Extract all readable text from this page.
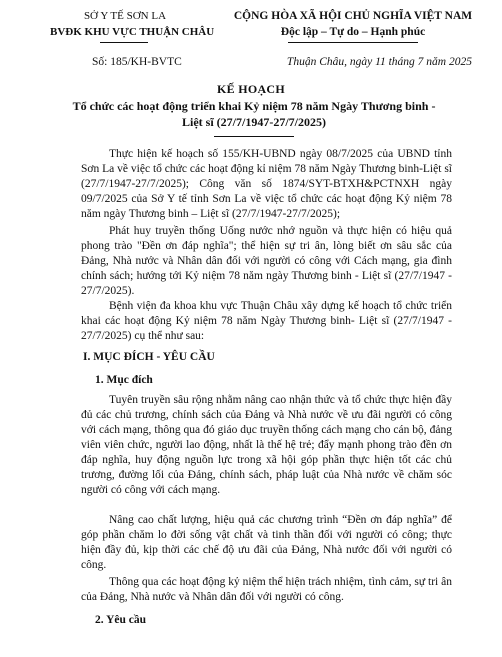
SỞ Y TẾ SƠN LA

BVĐK KHU VỰC THUẬN CHÂU

CỘNG HÒA XÃ HỘI CHỦ NGHĨA VIỆT NAM

Độc lập – Tự do – Hạnh phúc

Số: 185/KH-BVTC	Thuận Châu, ngày 11 tháng 7 năm 2025

KẾ HOẠCH

Tổ chức các hoạt động triển khai Kỷ niệm 78 năm Ngày Thương binh - Liệt sĩ (27/7/1947-27/7/2025)

Thực hiện kế hoạch số 155/KH-UBND ngày 08/7/2025 của UBND tỉnh Sơn La về việc tổ chức các hoạt động kỉ niệm 78 năm Ngày Thương binh-Liệt sĩ (27/7/1947-27/7/2025); Công văn số 1874/SYT-BTXH&PCTNXH ngày 09/7/2025 của Sở Y tế tỉnh Sơn La về việc tổ chức các hoạt động Kỷ niệm 78 năm ngày Thương binh – Liệt sĩ (27/7/1947-27/7/2025);

Phát huy truyền thống Uống nước nhớ nguồn và thực hiện có hiệu quả phong trào "Đền ơn đáp nghĩa"; thể hiện sự tri ân, lòng biết ơn sâu sắc của Đảng, Nhà nước và Nhân dân đối với người có công với Cách mạng, gia đình chính sách; hướng tới Kỷ niệm 78 năm ngày Thương binh - Liệt sĩ (27/7/1947 - 27/7/2025).

Bệnh viện đa khoa khu vực Thuận Châu xây dựng kế hoạch tổ chức triển khai các hoạt động Kỷ niệm 78 năm Ngày Thương binh- Liệt sĩ (27/7/1947 - 27/7/2025) cụ thể như sau:

I. MỤC ĐÍCH - YÊU CẦU

1. Mục đích

Tuyên truyền sâu rộng nhằm nâng cao nhận thức và tổ chức thực hiện đầy đủ các chủ trương, chính sách của Đảng và Nhà nước về ưu đãi người có công với cách mạng, thông qua đó giáo dục truyền thống cách mạng cho cán bộ, đảng viên viên chức, người lao động, nhất là thế hệ trẻ; đẩy mạnh phong trào đền ơn đáp nghĩa, huy động nguồn lực trong xã hội góp phần thực hiện tốt các chủ trương, đường lối của Đảng, chính sách, pháp luật của Nhà nước về chăm sóc người có công với cách mạng.

Nâng cao chất lượng, hiệu quả các chương trình “Đền ơn đáp nghĩa” để góp phần chăm lo đời sống vật chất và tinh thần đối với người có công; thực hiện đầy đủ, kịp thời các chế độ ưu đãi của Đảng, Nhà nước đối với người có công.

Thông qua các hoạt động kỷ niệm thể hiện trách nhiệm, tình cảm, sự tri ân của Đảng, Nhà nước và Nhân dân đối với người có công.

2. Yêu cầu
